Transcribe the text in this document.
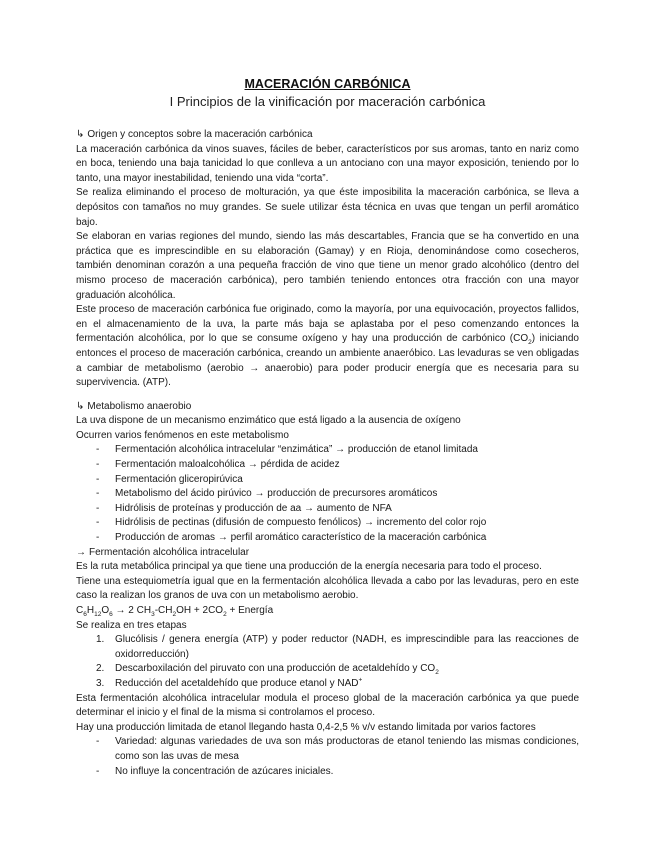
MACERACIÓN CARBÓNICA
I Principios de la vinificación por maceración carbónica

↳ Origen y conceptos sobre la maceración carbónica

La maceración carbónica da vinos suaves, fáciles de beber, característicos por sus aromas, tanto en nariz como en boca, teniendo una baja tanicidad lo que conlleva a un antociano con una mayor exposición, teniendo por lo tanto, una mayor inestabilidad, teniendo una vida “corta”.

Se realiza eliminando el proceso de molturación, ya que éste imposibilita la maceración carbónica, se lleva a depósitos con tamaños no muy grandes. Se suele utilizar ésta técnica en uvas que tengan un perfil aromático bajo.

Se elaboran en varias regiones del mundo, siendo las más descartables, Francia que se ha convertido en una práctica que es imprescindible en su elaboración (Gamay) y en Rioja, denominándose como cosecheros, también denominan corazón a una pequeña fracción de vino que tiene un menor grado alcohólico (dentro del mismo proceso de maceración carbónica), pero también teniendo entonces otra fracción con una mayor graduación alcohólica.

Este proceso de maceración carbónica fue originado, como la mayoría, por una equivocación, proyectos fallidos, en el almacenamiento de la uva, la parte más baja se aplastaba por el peso comenzando entonces la fermentación alcohólica, por lo que se consume oxígeno y hay una producción de carbónico $(CO_2)$ iniciando entonces el proceso de maceración carbónica, creando un ambiente anaeróbico. Las levaduras se ven obligadas a cambiar de metabolismo (aerobio → anaerobio) para poder producir energía que es necesaria para su supervivencia. (ATP).

↳ Metabolismo anaerobio

La uva dispone de un mecanismo enzimático que está ligado a la ausencia de oxígeno

Ocurren varios fenómenos en este metabolismo

- Fermentación alcohólica intracelular “enzimática” → producción de etanol limitada
- Fermentación maloalcohólica → pérdida de acidez
- Fermentación gliceropirúvica
- Metabolismo del ácido pirúvico → producción de precursores aromáticos
- Hidrólisis de proteínas y producción de aa → aumento de NFA
- Hidrólisis de pectinas (difusión de compuesto fenólicos) → incremento del color rojo
- Producción de aromas → perfil aromático característico de la maceración carbónica

→ Fermentación alcohólica intracelular

Es la ruta metabólica principal ya que tiene una producción de la energía necesaria para todo el proceso.

Tiene una estequiometría igual que en la fermentación alcohólica llevada a cabo por las levaduras, pero en este caso la realizan los granos de uva con un metabolismo aerobio.

$C_6H_{12}O_6 \to 2$ $CH_3-CH_2OH + 2CO_2$ + Energía

Se realiza en tres etapas

1. Glucólisis / genera energía (ATP) y poder reductor (NADH, es imprescindible para las reacciones de oxidorreducción)
2. Descarboxilación del piruvato con una producción de acetaldehído y $CO_2$
3. Reducción del acetaldehído que produce etanol y NAD+

Esta fermentación alcohólica intracelular modula el proceso global de la maceración carbónica ya que puede determinar el inicio y el final de la misma si controlamos el proceso.

Hay una producción limitada de etanol llegando hasta 0,4-2,5 % v/v estando limitada por varios factores

- Variedad: algunas variedades de uva son más productoras de etanol teniendo las mismas condiciones, como son las uvas de mesa
- No influye la concentración de azúcares iniciales.
